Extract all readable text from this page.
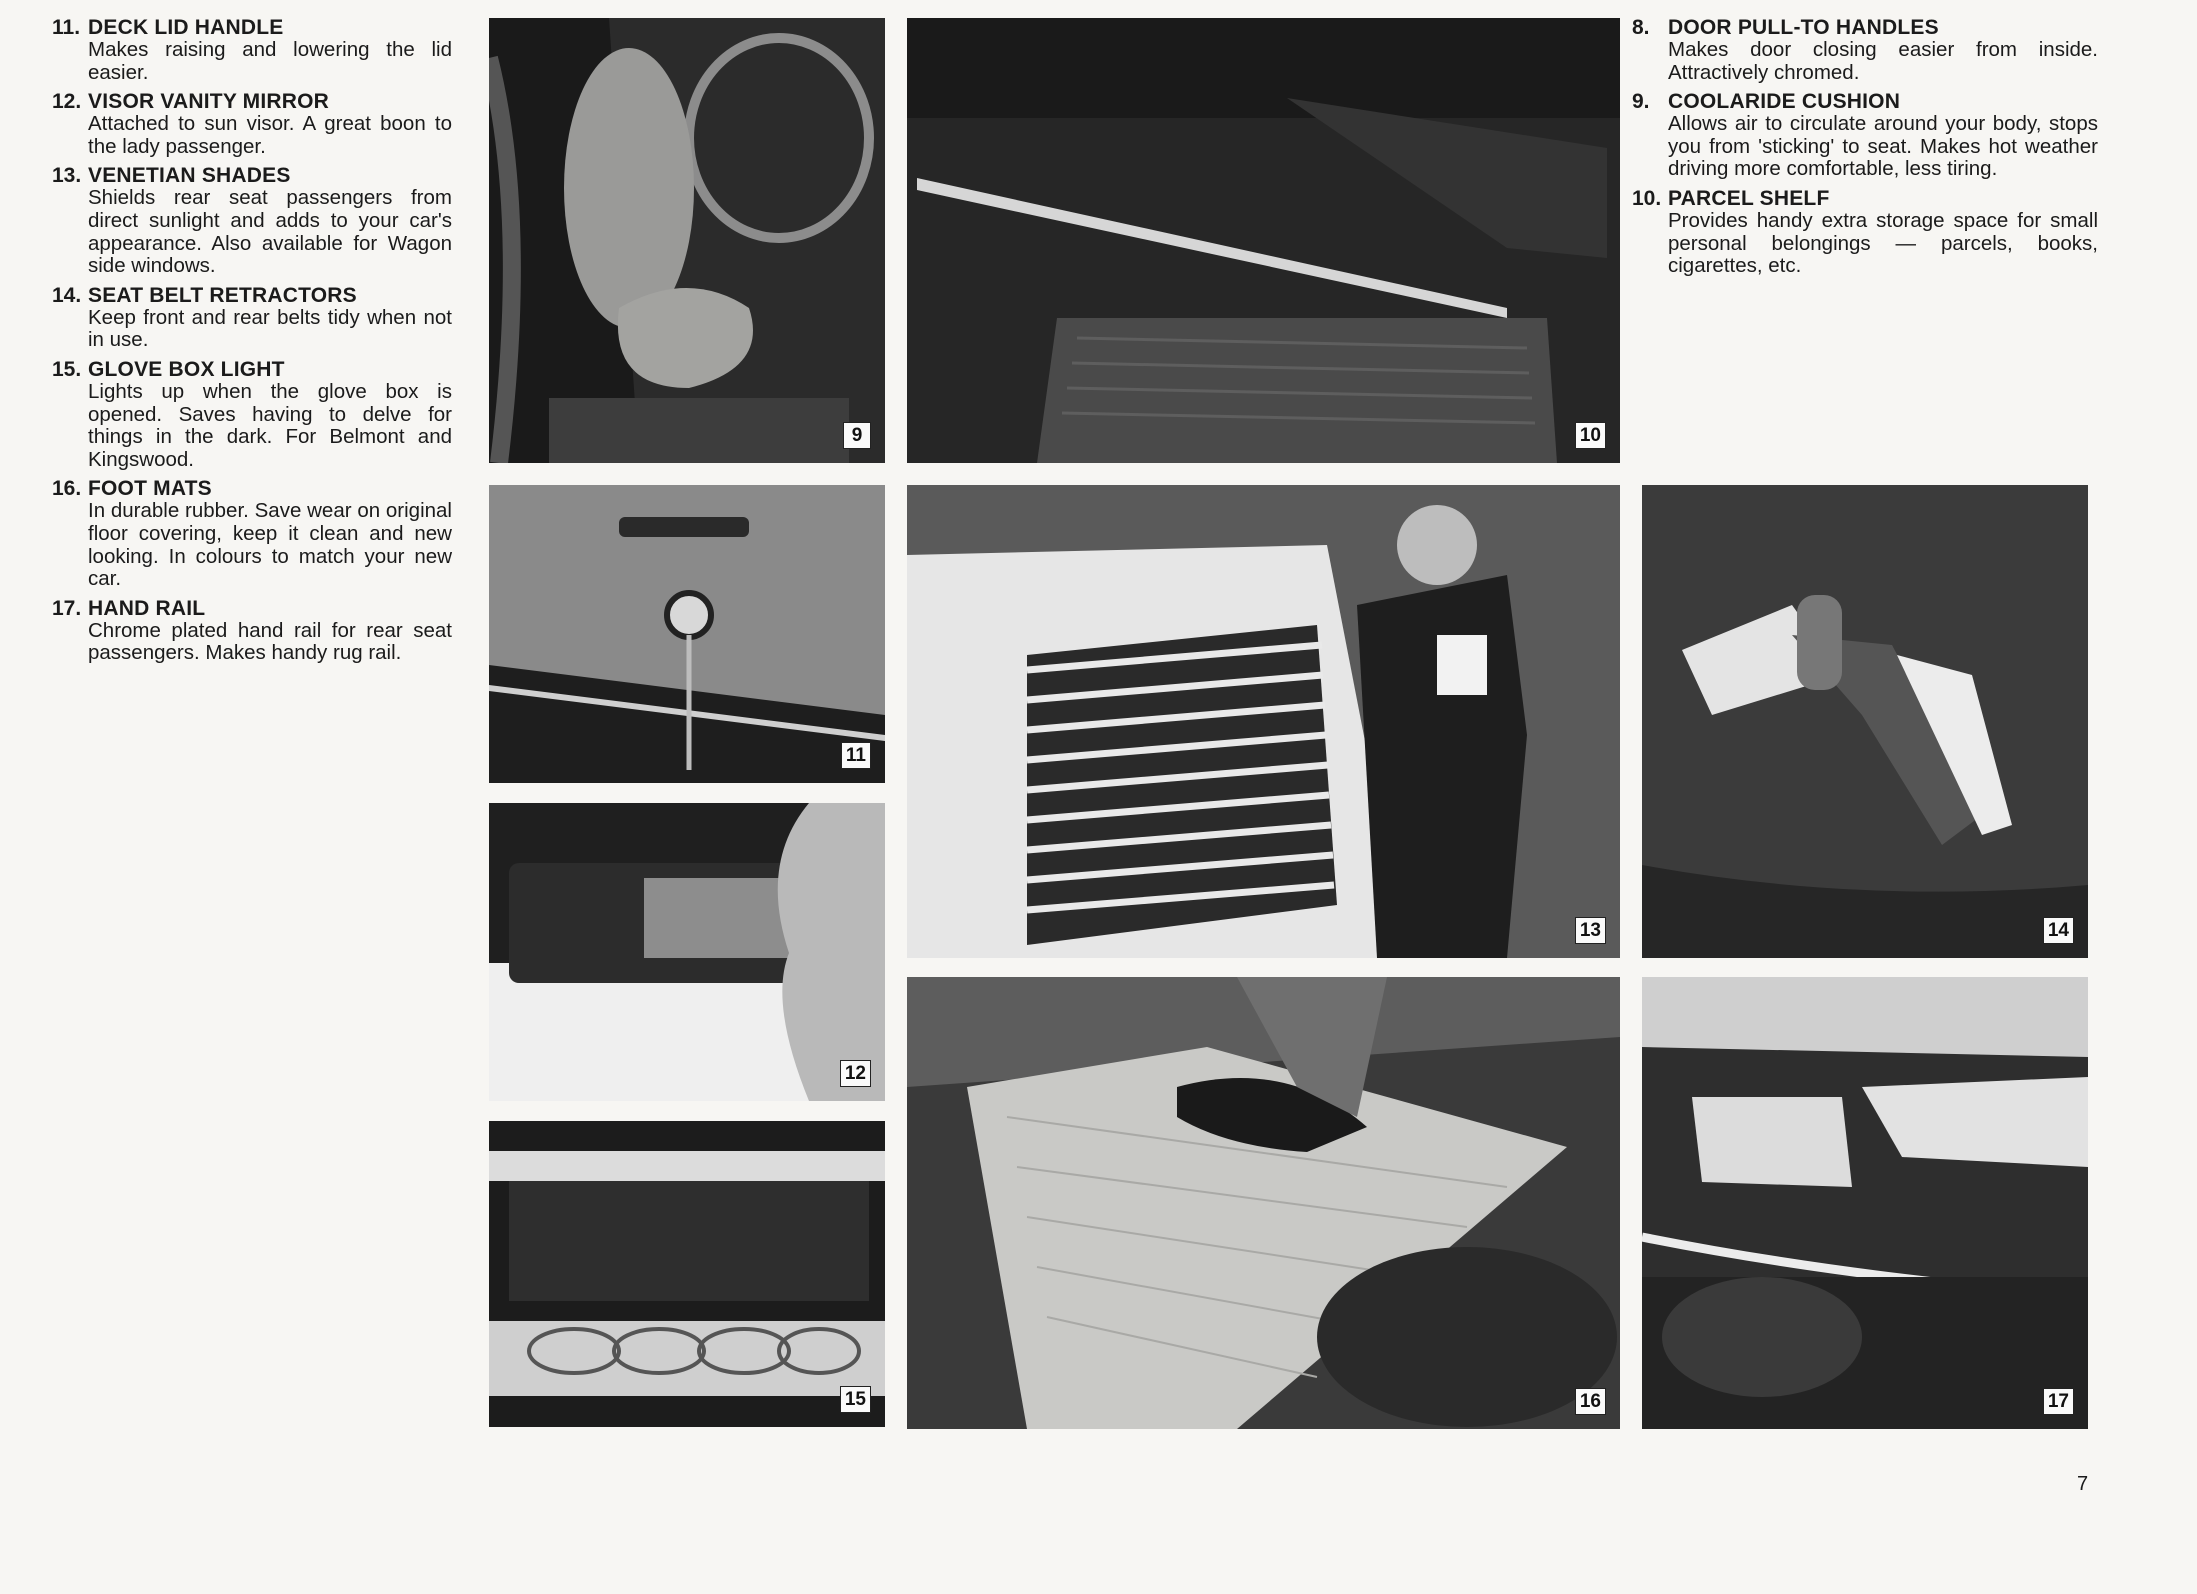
11. DECK LID HANDLE
Makes raising and lowering the lid easier.
12. VISOR VANITY MIRROR
Attached to sun visor. A great boon to the lady passenger.
13. VENETIAN SHADES
Shields rear seat passengers from direct sunlight and adds to your car's appearance. Also available for Wagon side windows.
14. SEAT BELT RETRACTORS
Keep front and rear belts tidy when not in use.
15. GLOVE BOX LIGHT
Lights up when the glove box is opened. Saves having to delve for things in the dark. For Belmont and Kingswood.
16. FOOT MATS
In durable rubber. Save wear on original floor covering, keep it clean and new looking. In colours to match your new car.
17. HAND RAIL
Chrome plated hand rail for rear seat passengers. Makes handy rug rail.
8. DOOR PULL-TO HANDLES
Makes door closing easier from inside. Attractively chromed.
9. COOLARIDE CUSHION
Allows air to circulate around your body, stops you from 'sticking' to seat. Makes hot weather driving more comfortable, less tiring.
10. PARCEL SHELF
Provides handy extra storage space for small personal belongings — parcels, books, cigarettes, etc.
9	10
11
12
15
13	14
16	17
7
